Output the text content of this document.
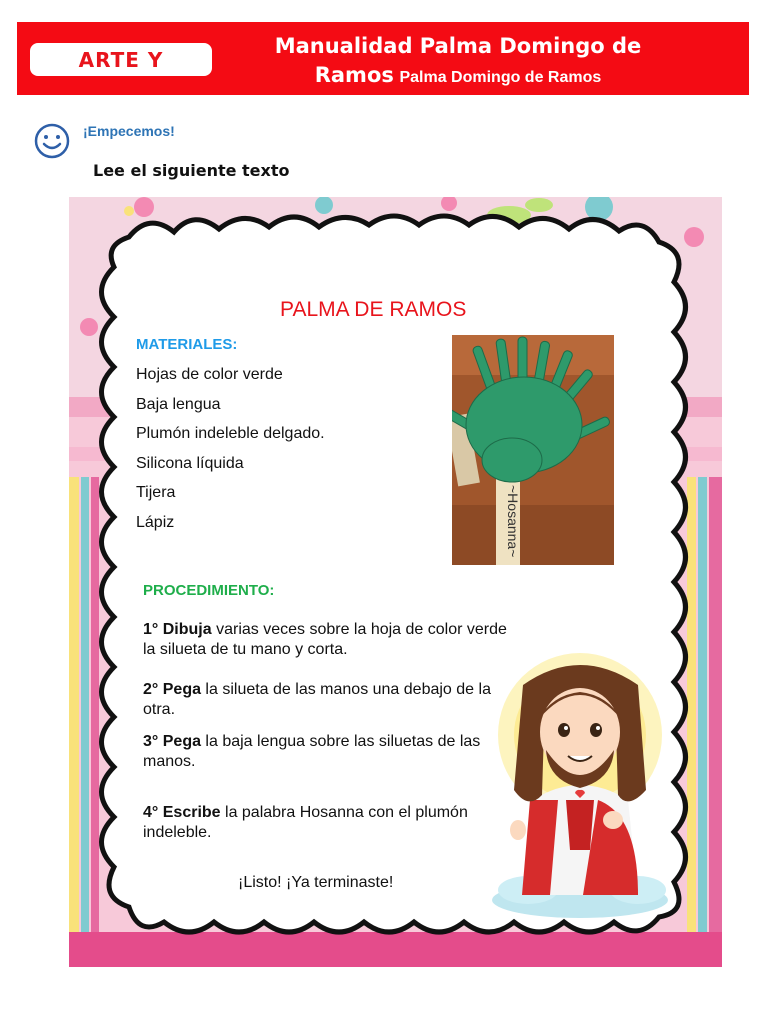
ARTE Y
Manualidad Palma Domingo de
Ramos Palma Domingo de Ramos
¡Empecemos!
Lee el siguiente texto
PALMA DE RAMOS
MATERIALES:
Hojas de color verde
Baja lengua
Plumón indeleble delgado.
Silicona líquida
Tijera
Lápiz	~Hosanna~
PROCEDIMIENTO:
1° Dibuja varias veces sobre la hoja de color verde la silueta de tu mano y corta.
2° Pega la silueta de las manos una debajo de la otra.
3° Pega la baja lengua sobre las siluetas de las manos.
4° Escribe la palabra Hosanna con el plumón indeleble.
¡Listo! ¡Ya terminaste!
